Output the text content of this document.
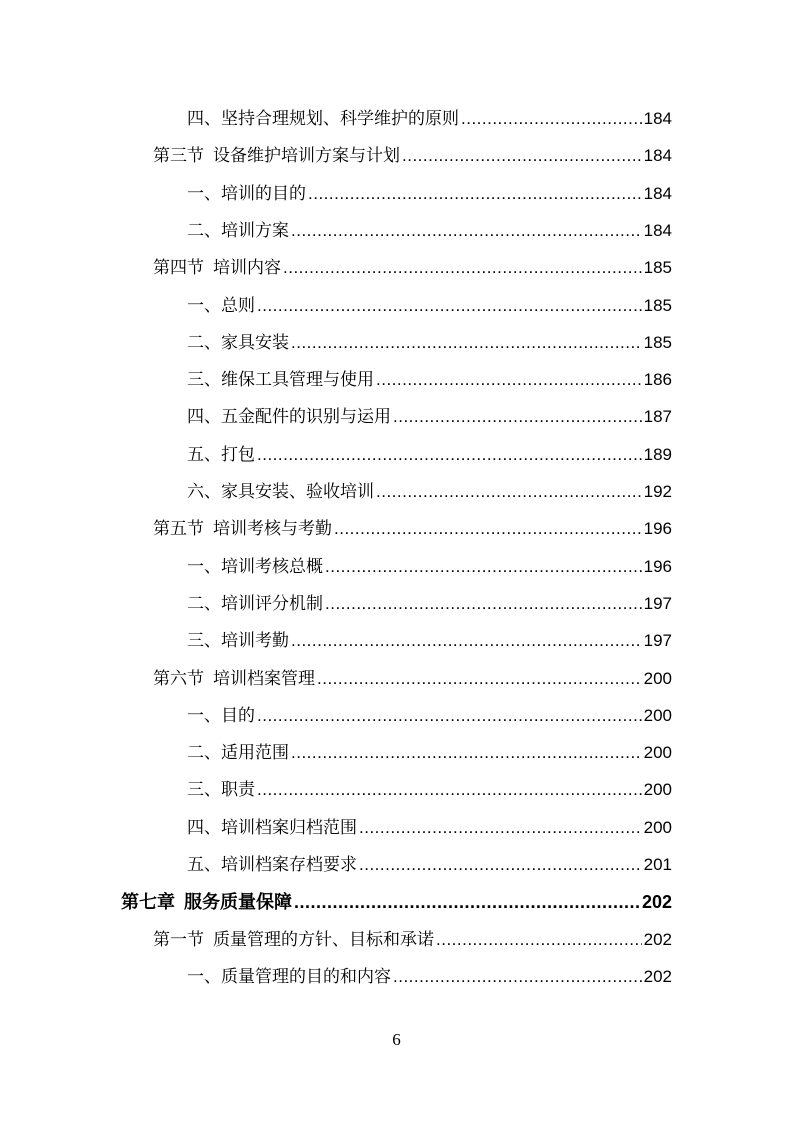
四、坚持合理规划、科学维护的原则 .....	184
第三节 设备维护培训方案与计划 .....	184
一、培训的目的 .....	184
二、培训方案 .....	184
第四节 培训内容 .....	185
一、总则 .....	185
二、家具安装 .....	185
三、维保工具管理与使用 .....	186
四、五金配件的识别与运用 .....	187
五、打包 .....	189
六、家具安装、验收培训 .....	192
第五节 培训考核与考勤 .....	196
一、培训考核总概 .....	196
二、培训评分机制 .....	197
三、培训考勤 .....	197
第六节 培训档案管理 .....	200
一、目的 .....	200
二、适用范围 .....	200
三、职责 .....	200
四、培训档案归档范围 .....	200
五、培训档案存档要求 .....	201
第七章 服务质量保障 .....	202
第一节 质量管理的方针、目标和承诺 .....	202
一、质量管理的目的和内容 .....	202
6
